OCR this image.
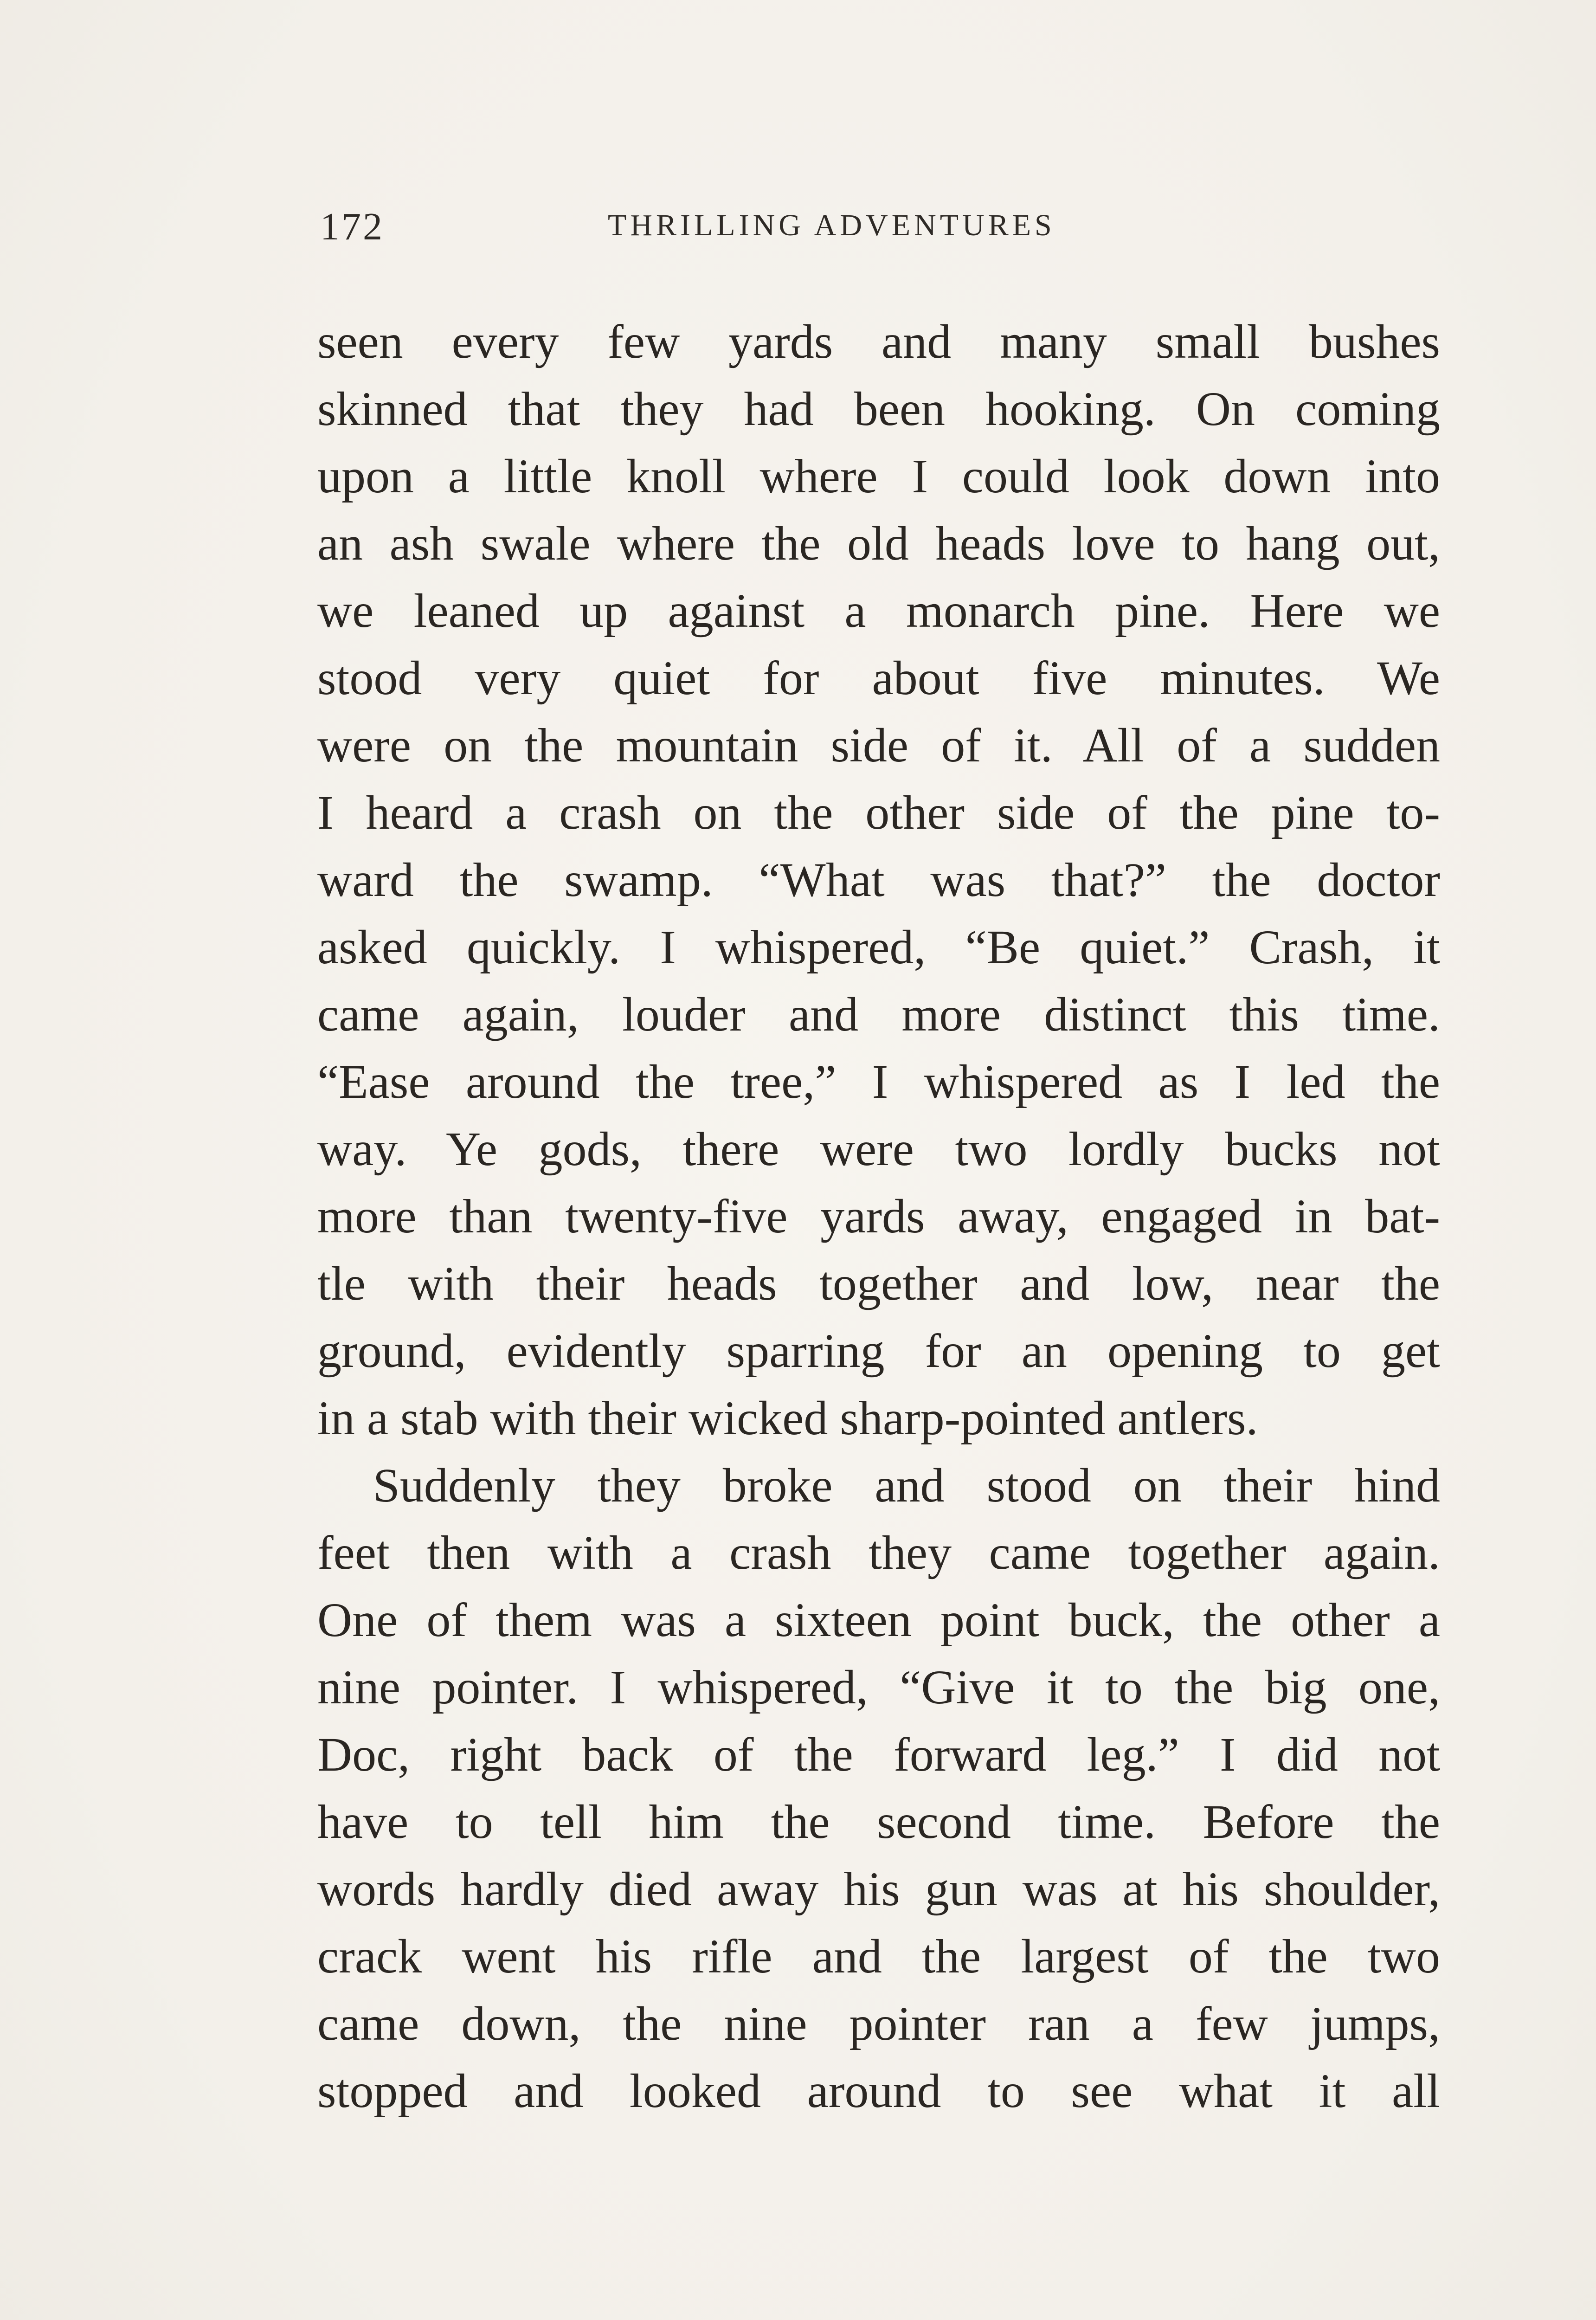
172	THRILLING ADVENTURES
seen every few yards and many small bushes
skinned that they had been hooking. On coming
upon a little knoll where I could look down into
an ash swale where the old heads love to hang out,
we leaned up against a monarch pine. Here we
stood very quiet for about five minutes. We
were on the mountain side of it. All of a sudden
I heard a crash on the other side of the pine to-
ward the swamp. “What was that?” the doctor
asked quickly. I whispered, “Be quiet.” Crash, it
came again, louder and more distinct this time.
“Ease around the tree,” I whispered as I led the
way. Ye gods, there were two lordly bucks not
more than twenty-five yards away, engaged in bat-
tle with their heads together and low, near the
ground, evidently sparring for an opening to get
in a stab with their wicked sharp-pointed antlers.
Suddenly they broke and stood on their hind
feet then with a crash they came together again.
One of them was a sixteen point buck, the other a
nine pointer. I whispered, “Give it to the big one,
Doc, right back of the forward leg.” I did not
have to tell him the second time. Before the
words hardly died away his gun was at his shoulder,
crack went his rifle and the largest of the two
came down, the nine pointer ran a few jumps,
stopped and looked around to see what it all
